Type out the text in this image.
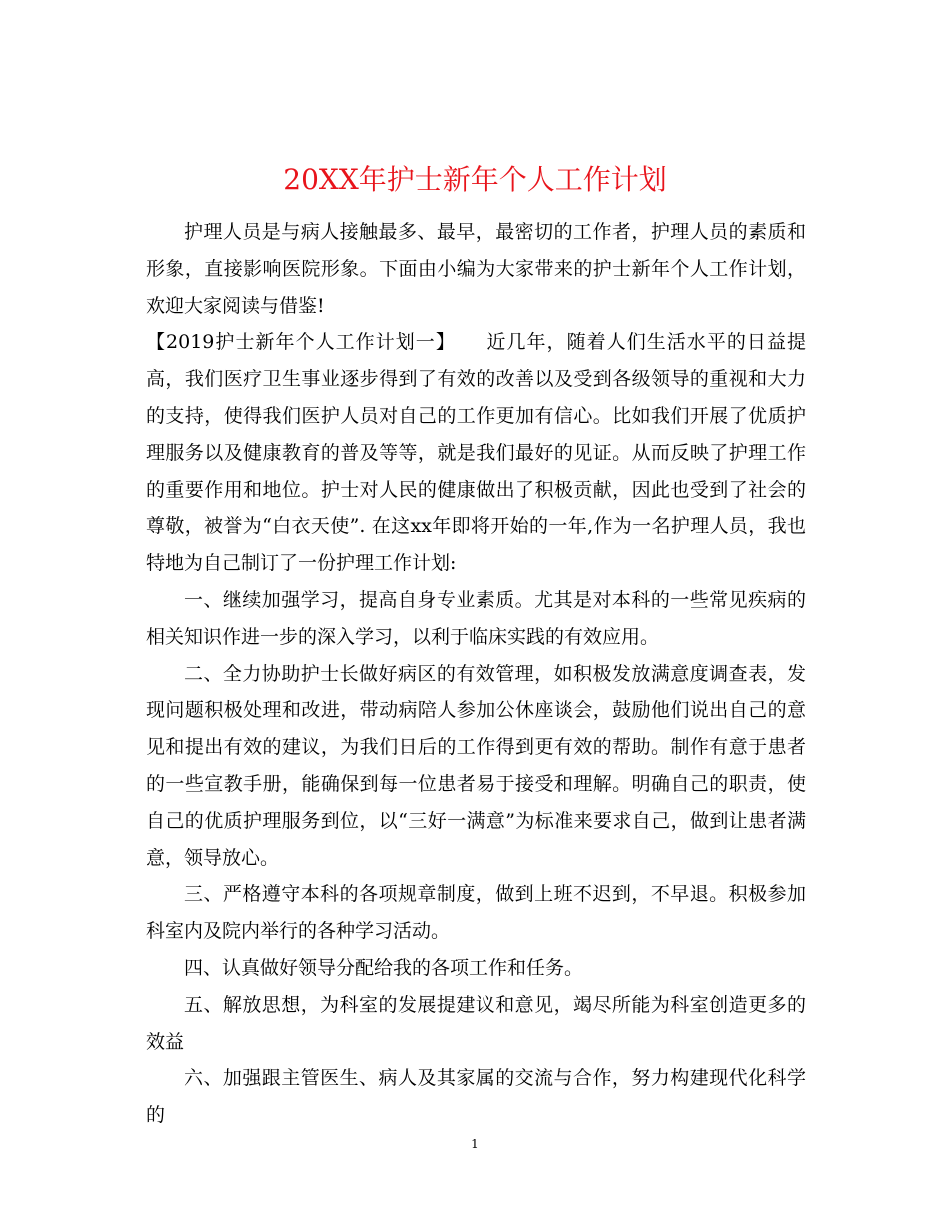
20XX年护士新年个人工作计划

护理人员是与病人接触最多、最早，最密切的工作者，护理人员的素质和形象，直接影响医院形象。下面由小编为大家带来的护士新年个人工作计划，欢迎大家阅读与借鉴!

【2019护士新年个人工作计划一】　　近几年，随着人们生活水平的日益提高，我们医疗卫生事业逐步得到了有效的改善以及受到各级领导的重视和大力的支持，使得我们医护人员对自己的工作更加有信心。比如我们开展了优质护理服务以及健康教育的普及等等，就是我们最好的见证。从而反映了护理工作的重要作用和地位。护士对人民的健康做出了积极贡献，因此也受到了社会的尊敬，被誉为“白衣天使”. 在这xx年即将开始的一年,作为一名护理人员，我也特地为自己制订了一份护理工作计划:

一、继续加强学习，提高自身专业素质。尤其是对本科的一些常见疾病的相关知识作进一步的深入学习，以利于临床实践的有效应用。

二、全力协助护士长做好病区的有效管理，如积极发放满意度调查表，发现问题积极处理和改进，带动病陪人参加公休座谈会，鼓励他们说出自己的意见和提出有效的建议，为我们日后的工作得到更有效的帮助。制作有意于患者的一些宣教手册，能确保到每一位患者易于接受和理解。明确自己的职责，使自己的优质护理服务到位，以“三好一满意”为标准来要求自己，做到让患者满意，领导放心。

三、严格遵守本科的各项规章制度，做到上班不迟到，不早退。积极参加科室内及院内举行的各种学习活动。

四、认真做好领导分配给我的各项工作和任务。

五、解放思想，为科室的发展提建议和意见，竭尽所能为科室创造更多的效益

六、加强跟主管医生、病人及其家属的交流与合作，努力构建现代化科学的

1
